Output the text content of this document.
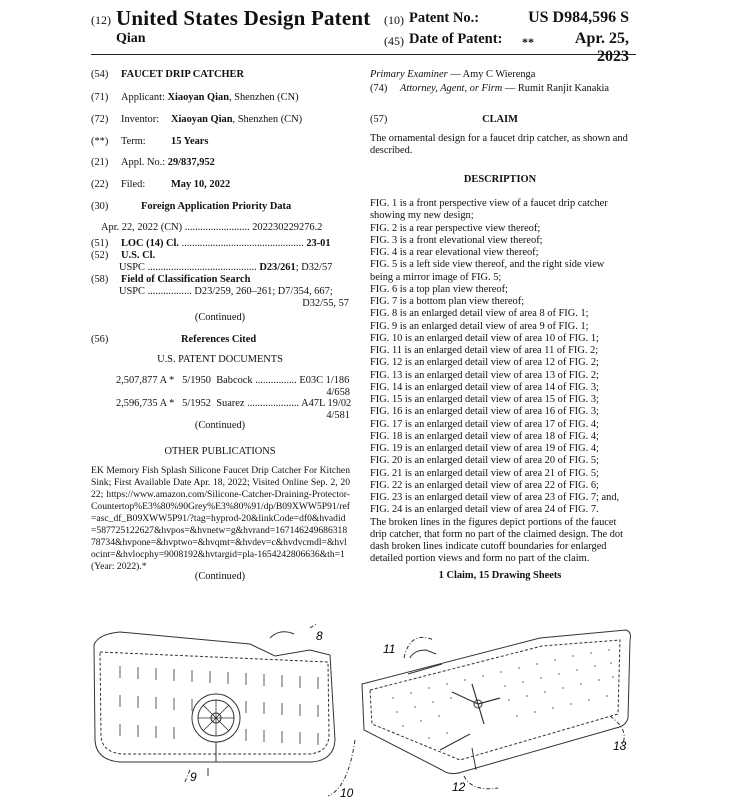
(12) United States Design Patent
Qian
(10) Patent No.:	US D984,596 S
(45) Date of Patent: **	Apr. 25, 2023
(54) FAUCET DRIP CATCHER
(71) Applicant: Xiaoyan Qian, Shenzhen (CN)
(72) Inventor: Xiaoyan Qian, Shenzhen (CN)
(**) Term: 15 Years
(21) Appl. No.: 29/837,952
(22) Filed: May 10, 2022
(30)	Foreign Application Priority Data
Apr. 22, 2022 (CN) ......................... 202230229276.2
(51) LOC (14) Cl. ............................................... 23-01
(52) U.S. Cl.
USPC .......................................... D23/261; D32/57
(58) Field of Classification Search
USPC ................. D23/259, 260–261; D7/354, 667;
D32/55, 57
(Continued)
(56)	References Cited
U.S. PATENT DOCUMENTS
2,507,877 A * 5/1950 Babcock ................ E03C 1/186
4/658
2,596,735 A * 5/1952 Suarez .................... A47L 19/02
4/581
(Continued)
OTHER PUBLICATIONS
EK Memory Fish Splash Silicone Faucet Drip Catcher For Kitchen Sink; First Available Date Apr. 18, 2022; Visited Online Sep. 2, 2022; https://www.amazon.com/Silicone-Catcher-Draining-Protector-Countertop%E3%80%90Grey%E3%80%91/dp/B09XWW5P91/ref=asc_df_B09XWW5P91/?tag=hyprod-20&linkCode=df0&hvadid=587725122627&hvpos=&hvnetw=g&hvrand=16714624968631878734&hvpone=&hvptwo=&hvqmt=&hvdev=c&hvdvcmdl=&hvlocint=&hvlocphy=9008192&hvtargid=pla-1654242806636&th=1 (Year: 2022).*
(Continued)
Primary Examiner — Amy C Wierenga
(74) Attorney, Agent, or Firm — Rumit Ranjit Kanakia
(57)	CLAIM
The ornamental design for a faucet drip catcher, as shown and described.
DESCRIPTION
FIG. 1 is a front perspective view of a faucet drip catcher
showing my new design;
FIG. 2 is a rear perspective view thereof;
FIG. 3 is a front elevational view thereof;
FIG. 4 is a rear elevational view thereof;
FIG. 5 is a left side view thereof, and the right side view
being a mirror image of FIG. 5;
FIG. 6 is a top plan view thereof;
FIG. 7 is a bottom plan view thereof;
FIG. 8 is an enlarged detail view of area 8 of FIG. 1;
FIG. 9 is an enlarged detail view of area 9 of FIG. 1;
FIG. 10 is an enlarged detail view of area 10 of FIG. 1;
FIG. 11 is an enlarged detail view of area 11 of FIG. 2;
FIG. 12 is an enlarged detail view of area 12 of FIG. 2;
FIG. 13 is an enlarged detail view of area 13 of FIG. 2;
FIG. 14 is an enlarged detail view of area 14 of FIG. 3;
FIG. 15 is an enlarged detail view of area 15 of FIG. 3;
FIG. 16 is an enlarged detail view of area 16 of FIG. 3;
FIG. 17 is an enlarged detail view of area 17 of FIG. 4;
FIG. 18 is an enlarged detail view of area 18 of FIG. 4;
FIG. 19 is an enlarged detail view of area 19 of FIG. 4;
FIG. 20 is an enlarged detail view of area 20 of FIG. 5;
FIG. 21 is an enlarged detail view of area 21 of FIG. 5;
FIG. 22 is an enlarged detail view of area 22 of FIG. 6;
FIG. 23 is an enlarged detail view of area 23 of FIG. 7; and,
FIG. 24 is an enlarged detail view of area 24 of FIG. 7.
The broken lines in the figures depict portions of the faucet
drip catcher, that form no part of the claimed design. The dot
dash broken lines indicate cutoff boundaries for enlarged
detailed portion views and form no part of the claim.
1 Claim, 15 Drawing Sheets
8
9
10
11
12
13
